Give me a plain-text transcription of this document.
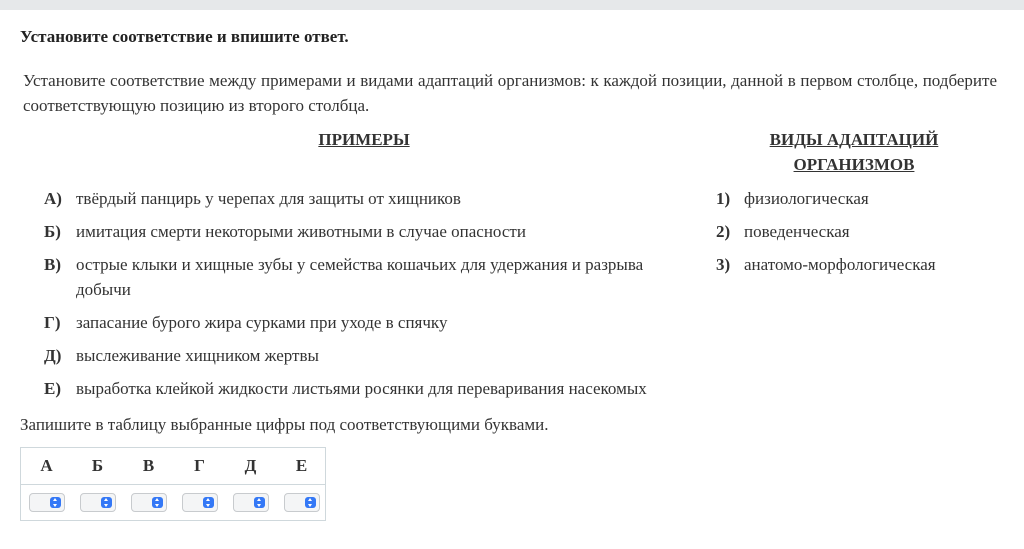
Установите соответствие и впишите ответ.
Установите соответствие между примерами и видами адаптаций организмов: к каждой позиции, данной в первом столбце, подберите соответствующую позицию из второго столбца.
ПРИМЕРЫ	ВИДЫ АДАПТАЦИЙ ОРГАНИЗМОВ
А) твёрдый панцирь у черепах для защиты от хищников
Б) имитация смерти некоторыми животными в случае опасности
В) острые клыки и хищные зубы у семейства кошачьих для удержания и разрыва добычи
Г) запасание бурого жира сурками при уходе в спячку
Д) выслеживание хищником жертвы
Е) выработка клейкой жидкости листьями росянки для переваривания насекомых
1) физиологическая
2) поведенческая
3) анатомо-морфологическая
Запишите в таблицу выбранные цифры под соответствующими буквами.
А	Б	В	Г	Д	Е
